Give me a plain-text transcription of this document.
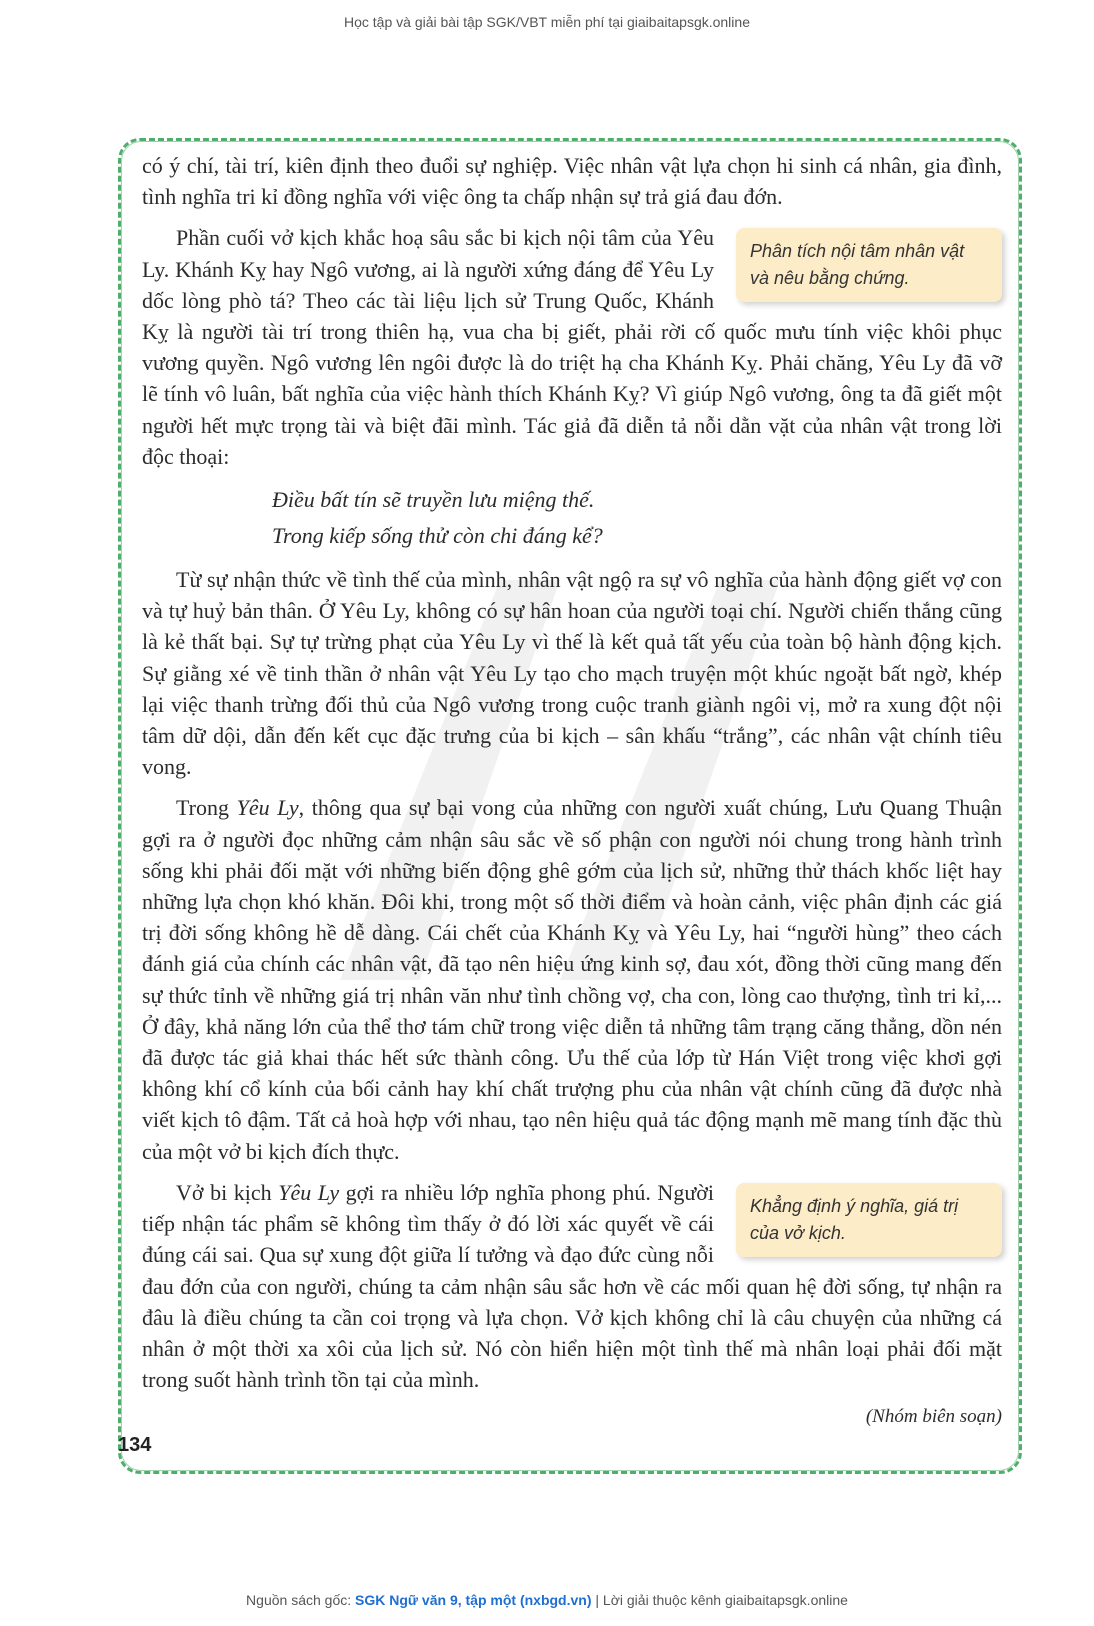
Học tập và giải bài tập SGK/VBT miễn phí tại giaibaitapsgk.online

có ý chí, tài trí, kiên định theo đuổi sự nghiệp. Việc nhân vật lựa chọn hi sinh cá nhân, gia đình, tình nghĩa tri kỉ đồng nghĩa với việc ông ta chấp nhận sự trả giá đau đớn.

Phân tích nội tâm nhân vật và nêu bằng chứng.
Phần cuối vở kịch khắc hoạ sâu sắc bi kịch nội tâm của Yêu Ly. Khánh Kỵ hay Ngô vương, ai là người xứng đáng để Yêu Ly dốc lòng phò tá? Theo các tài liệu lịch sử Trung Quốc, Khánh Kỵ là người tài trí trong thiên hạ, vua cha bị giết, phải rời cố quốc mưu tính việc khôi phục vương quyền. Ngô vương lên ngôi được là do triệt hạ cha Khánh Kỵ. Phải chăng, Yêu Ly đã vỡ lẽ tính vô luân, bất nghĩa của việc hành thích Khánh Kỵ? Vì giúp Ngô vương, ông ta đã giết một người hết mực trọng tài và biệt đãi mình. Tác giả đã diễn tả nỗi dằn vặt của nhân vật trong lời độc thoại:

Điều bất tín sẽ truyền lưu miệng thế.
Trong kiếp sống thử còn chi đáng kể?

Từ sự nhận thức về tình thế của mình, nhân vật ngộ ra sự vô nghĩa của hành động giết vợ con và tự huỷ bản thân. Ở Yêu Ly, không có sự hân hoan của người toại chí. Người chiến thắng cũng là kẻ thất bại. Sự tự trừng phạt của Yêu Ly vì thế là kết quả tất yếu của toàn bộ hành động kịch. Sự giằng xé về tinh thần ở nhân vật Yêu Ly tạo cho mạch truyện một khúc ngoặt bất ngờ, khép lại việc thanh trừng đối thủ của Ngô vương trong cuộc tranh giành ngôi vị, mở ra xung đột nội tâm dữ dội, dẫn đến kết cục đặc trưng của bi kịch – sân khấu “trắng”, các nhân vật chính tiêu vong.

Trong Yêu Ly, thông qua sự bại vong của những con người xuất chúng, Lưu Quang Thuận gợi ra ở người đọc những cảm nhận sâu sắc về số phận con người nói chung trong hành trình sống khi phải đối mặt với những biến động ghê gớm của lịch sử, những thử thách khốc liệt hay những lựa chọn khó khăn. Đôi khi, trong một số thời điểm và hoàn cảnh, việc phân định các giá trị đời sống không hề dễ dàng. Cái chết của Khánh Kỵ và Yêu Ly, hai “người hùng” theo cách đánh giá của chính các nhân vật, đã tạo nên hiệu ứng kinh sợ, đau xót, đồng thời cũng mang đến sự thức tỉnh về những giá trị nhân văn như tình chồng vợ, cha con, lòng cao thượng, tình tri kỉ,... Ở đây, khả năng lớn của thể thơ tám chữ trong việc diễn tả những tâm trạng căng thẳng, dồn nén đã được tác giả khai thác hết sức thành công. Ưu thế của lớp từ Hán Việt trong việc khơi gợi không khí cổ kính của bối cảnh hay khí chất trượng phu của nhân vật chính cũng đã được nhà viết kịch tô đậm. Tất cả hoà hợp với nhau, tạo nên hiệu quả tác động mạnh mẽ mang tính đặc thù của một vở bi kịch đích thực.

Khẳng định ý nghĩa, giá trị của vở kịch.
Vở bi kịch Yêu Ly gợi ra nhiều lớp nghĩa phong phú. Người tiếp nhận tác phẩm sẽ không tìm thấy ở đó lời xác quyết về cái đúng cái sai. Qua sự xung đột giữa lí tưởng và đạo đức cùng nỗi đau đớn của con người, chúng ta cảm nhận sâu sắc hơn về các mối quan hệ đời sống, tự nhận ra đâu là điều chúng ta cần coi trọng và lựa chọn. Vở kịch không chỉ là câu chuyện của những cá nhân ở một thời xa xôi của lịch sử. Nó còn hiển hiện một tình thế mà nhân loại phải đối mặt trong suốt hành trình tồn tại của mình.

(Nhóm biên soạn)
134
Nguồn sách gốc: SGK Ngữ văn 9, tập một (nxbgd.vn) | Lời giải thuộc kênh giaibaitapsgk.online
